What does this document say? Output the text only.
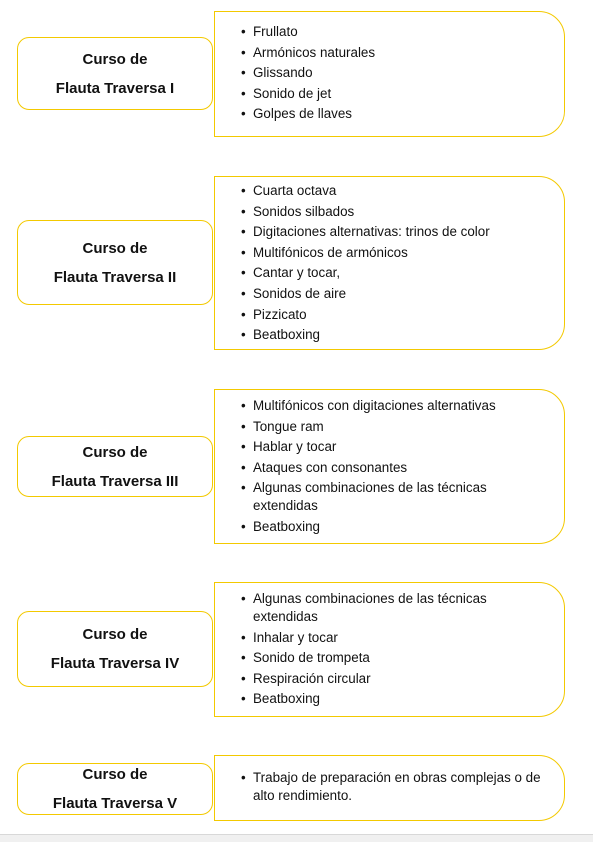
Curso de
Flauta Traversa I
• Frullato
• Armónicos naturales
• Glissando
• Sonido de jet
• Golpes de llaves
Curso de
Flauta Traversa II
• Cuarta octava
• Sonidos silbados
• Digitaciones alternativas: trinos de color
• Multifónicos de armónicos
• Cantar y tocar,
• Sonidos de aire
• Pizzicato
• Beatboxing
Curso de
Flauta Traversa III
• Multifónicos con digitaciones alternativas
• Tongue ram
• Hablar y tocar
• Ataques con consonantes
• Algunas combinaciones de las técnicas extendidas
• Beatboxing
Curso de
Flauta Traversa IV
• Algunas combinaciones de las técnicas extendidas
• Inhalar y tocar
• Sonido de trompeta
• Respiración circular
• Beatboxing
Curso de
Flauta Traversa V
• Trabajo de preparación en obras complejas o de alto rendimiento.
